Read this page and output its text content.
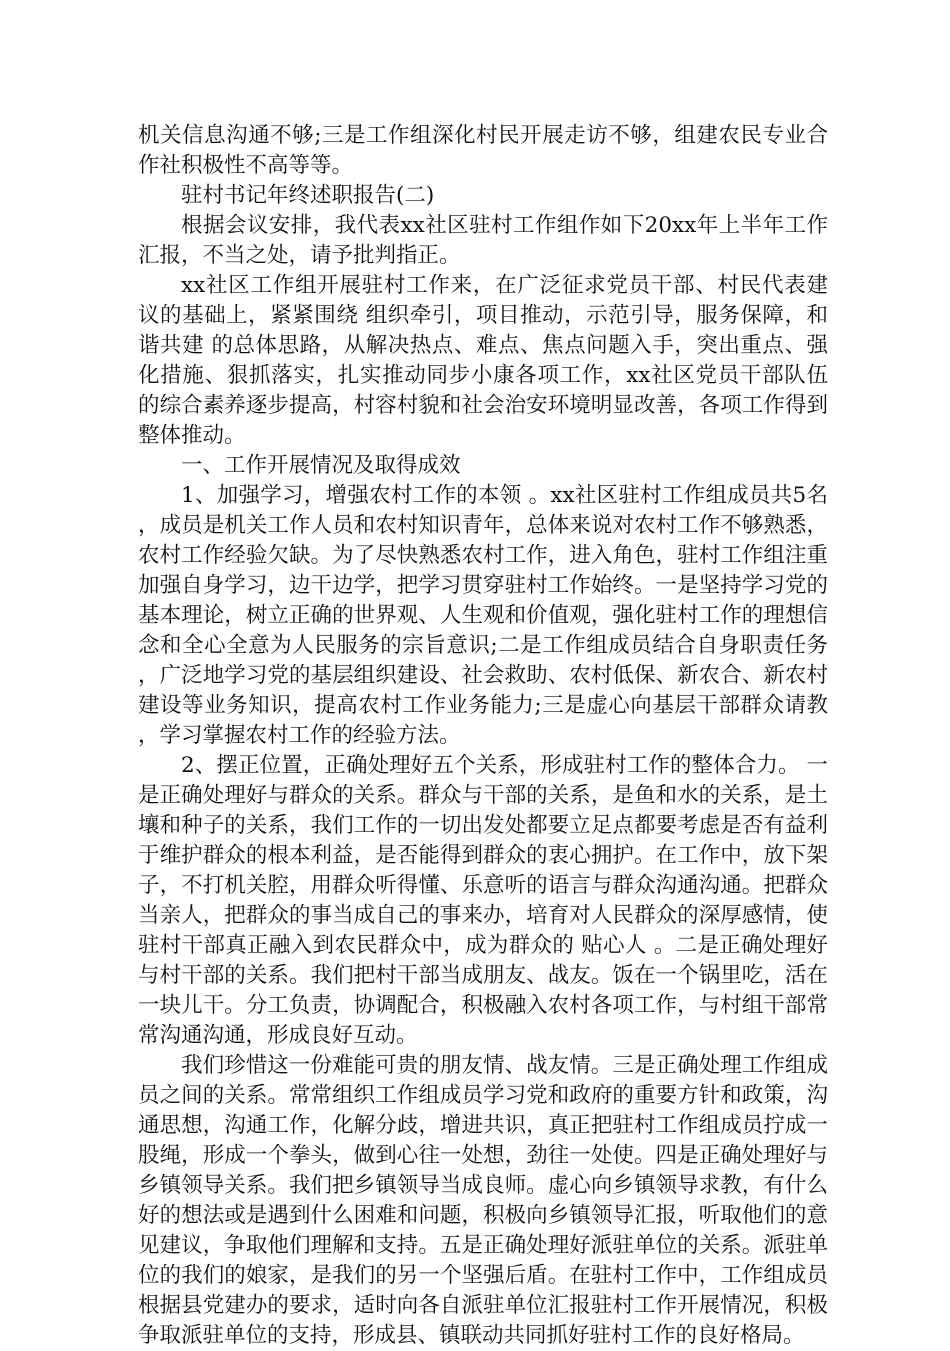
机关信息沟通不够;三是工作组深化村民开展走访不够，组建农民专业合作社积极性不高等等。

驻村书记年终述职报告(二)

根据会议安排，我代表xx社区驻村工作组作如下20xx年上半年工作汇报，不当之处，请予批判指正。

xx社区工作组开展驻村工作来，在广泛征求党员干部、村民代表建议的基础上，紧紧围绕 组织牵引，项目推动，示范引导，服务保障，和谐共建 的总体思路，从解决热点、难点、焦点问题入手，突出重点、强化措施、狠抓落实，扎实推动同步小康各项工作，xx社区党员干部队伍的综合素养逐步提高，村容村貌和社会治安环境明显改善，各项工作得到整体推动。

一、工作开展情况及取得成效

1、加强学习，增强农村工作的本领 。xx社区驻村工作组成员共5名，成员是机关工作人员和农村知识青年，总体来说对农村工作不够熟悉，农村工作经验欠缺。为了尽快熟悉农村工作，进入角色，驻村工作组注重加强自身学习，边干边学，把学习贯穿驻村工作始终。一是坚持学习党的基本理论，树立正确的世界观、人生观和价值观，强化驻村工作的理想信念和全心全意为人民服务的宗旨意识;二是工作组成员结合自身职责任务，广泛地学习党的基层组织建设、社会救助、农村低保、新农合、新农村建设等业务知识，提高农村工作业务能力;三是虚心向基层干部群众请教，学习掌握农村工作的经验方法。

2、摆正位置，正确处理好五个关系，形成驻村工作的整体合力。 一是正确处理好与群众的关系。群众与干部的关系，是鱼和水的关系，是土壤和种子的关系，我们工作的一切出发处都要立足点都要考虑是否有益利于维护群众的根本利益，是否能得到群众的衷心拥护。在工作中，放下架子，不打机关腔，用群众听得懂、乐意听的语言与群众沟通沟通。把群众当亲人，把群众的事当成自己的事来办，培育对人民群众的深厚感情，使驻村干部真正融入到农民群众中，成为群众的 贴心人 。二是正确处理好与村干部的关系。我们把村干部当成朋友、战友。饭在一个锅里吃，活在一块儿干。分工负责，协调配合，积极融入农村各项工作，与村组干部常常沟通沟通，形成良好互动。

我们珍惜这一份难能可贵的朋友情、战友情。三是正确处理工作组成员之间的关系。常常组织工作组成员学习党和政府的重要方针和政策，沟通思想，沟通工作，化解分歧，增进共识，真正把驻村工作组成员拧成一股绳，形成一个拳头，做到心往一处想，劲往一处使。四是正确处理好与乡镇领导关系。我们把乡镇领导当成良师。虚心向乡镇领导求教，有什么好的想法或是遇到什么困难和问题，积极向乡镇领导汇报，听取他们的意见建议，争取他们理解和支持。五是正确处理好派驻单位的关系。派驻单位的我们的娘家，是我们的另一个坚强后盾。在驻村工作中，工作组成员根据县党建办的要求，适时向各自派驻单位汇报驻村工作开展情况，积极争取派驻单位的支持，形成县、镇联动共同抓好驻村工作的良好格局。
